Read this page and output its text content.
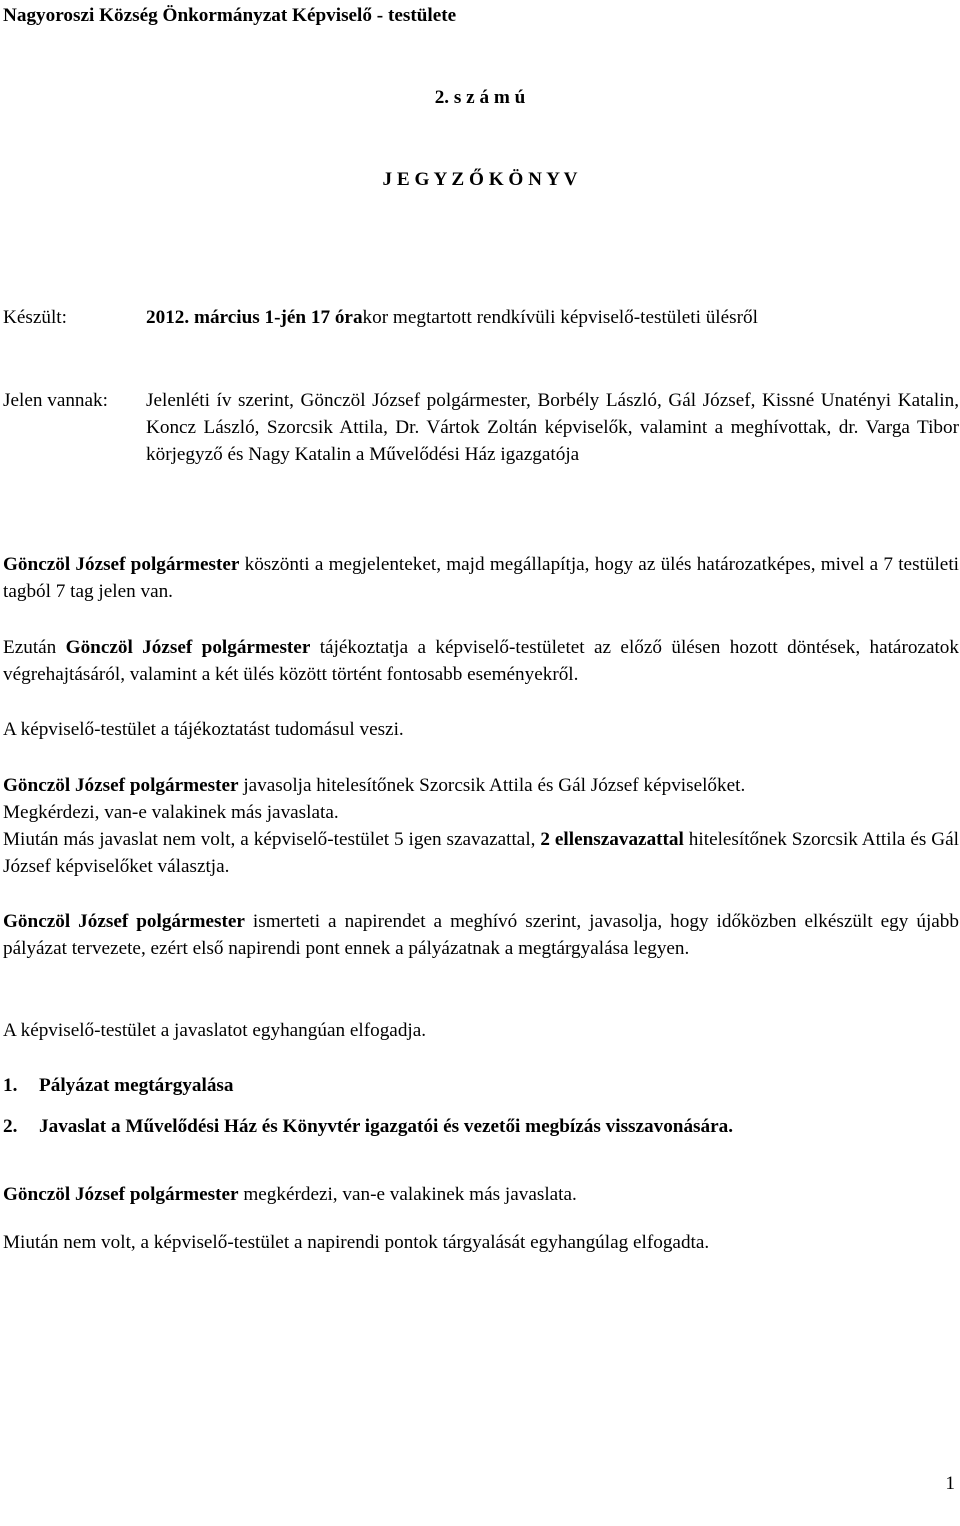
Nagyoroszi Község Önkormányzat Képviselő - testülete
2. s z á m ú
J E G Y Z Ő K Ö N Y V
Készült:	2012. március 1-jén 17 órakor megtartott rendkívüli képviselő-testületi ülésről
Jelen vannak: Jelenléti ív szerint, Gönczöl József polgármester, Borbély László, Gál József, Kissné Unatényi Katalin, Koncz László, Szorcsik Attila, Dr. Vártok Zoltán képviselők, valamint a meghívottak, dr. Varga Tibor körjegyző és Nagy Katalin a Művelődési Ház igazgatója
Gönczöl József polgármester köszönti a megjelenteket, majd megállapítja, hogy az ülés határozatképes, mivel a 7 testületi tagból 7 tag jelen van.
Ezután Gönczöl József polgármester tájékoztatja a képviselő-testületet az előző ülésen hozott döntések, határozatok végrehajtásáról, valamint a két ülés között történt fontosabb eseményekről.
A képviselő-testület a tájékoztatást tudomásul veszi.
Gönczöl József polgármester javasolja hitelesítőnek Szorcsik Attila és Gál József képviselőket.
Megkérdezi, van-e valakinek más javaslata.
Miután más javaslat nem volt, a képviselő-testület 5 igen szavazattal, 2 ellenszavazattal hitelesítőnek Szorcsik Attila és Gál József képviselőket választja.
Gönczöl József polgármester ismerteti a napirendet a meghívó szerint, javasolja, hogy időközben elkészült egy újabb pályázat tervezete, ezért első napirendi pont ennek a pályázatnak a megtárgyalása legyen.
A képviselő-testület a javaslatot egyhangúan elfogadja.
1. Pályázat megtárgyalása
2. Javaslat a Művelődési Ház és Könyvtér igazgatói és vezetői megbízás visszavonására.
Gönczöl József polgármester megkérdezi, van-e valakinek más javaslata.
Miután nem volt, a képviselő-testület a napirendi pontok tárgyalását egyhangúlag elfogadta.
1
